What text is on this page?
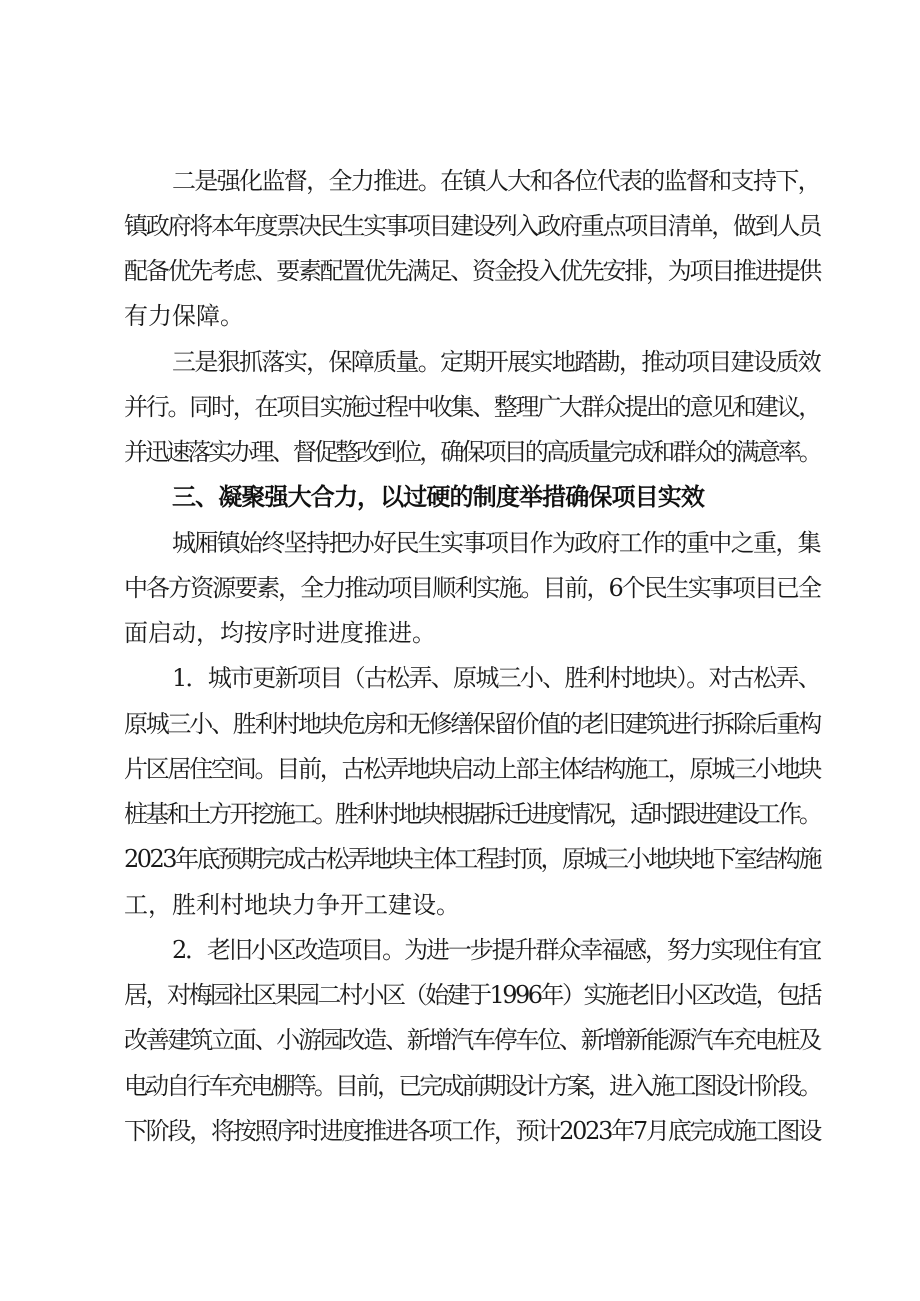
二是强化监督，全力推进。在镇人大和各位代表的监督和支持下，
镇政府将本年度票决民生实事项目建设列入政府重点项目清单，做到人员
配备优先考虑、要素配置优先满足、资金投入优先安排，为项目推进提供
有力保障。
三是狠抓落实，保障质量。定期开展实地踏勘，推动项目建设质效
并行。同时，在项目实施过程中收集、整理广大群众提出的意见和建议，
并迅速落实办理、督促整改到位，确保项目的高质量完成和群众的满意率。
三、凝聚强大合力，以过硬的制度举措确保项目实效
城厢镇始终坚持把办好民生实事项目作为政府工作的重中之重，集
中各方资源要素，全力推动项目顺利实施。目前，6个民生实事项目已全
面启动，均按序时进度推进。
1．城市更新项目（古松弄、原城三小、胜利村地块）。对古松弄、
原城三小、胜利村地块危房和无修缮保留价值的老旧建筑进行拆除后重构
片区居住空间。目前，古松弄地块启动上部主体结构施工，原城三小地块
桩基和土方开挖施工。胜利村地块根据拆迁进度情况，适时跟进建设工作。
2023年底预期完成古松弄地块主体工程封顶，原城三小地块地下室结构施
工，胜利村地块力争开工建设。
2．老旧小区改造项目。为进一步提升群众幸福感，努力实现住有宜
居，对梅园社区果园二村小区（始建于1996年）实施老旧小区改造，包括
改善建筑立面、小游园改造、新增汽车停车位、新增新能源汽车充电桩及
电动自行车充电棚等。目前，已完成前期设计方案，进入施工图设计阶段。
下阶段，将按照序时进度推进各项工作，预计2023年7月底完成施工图设
